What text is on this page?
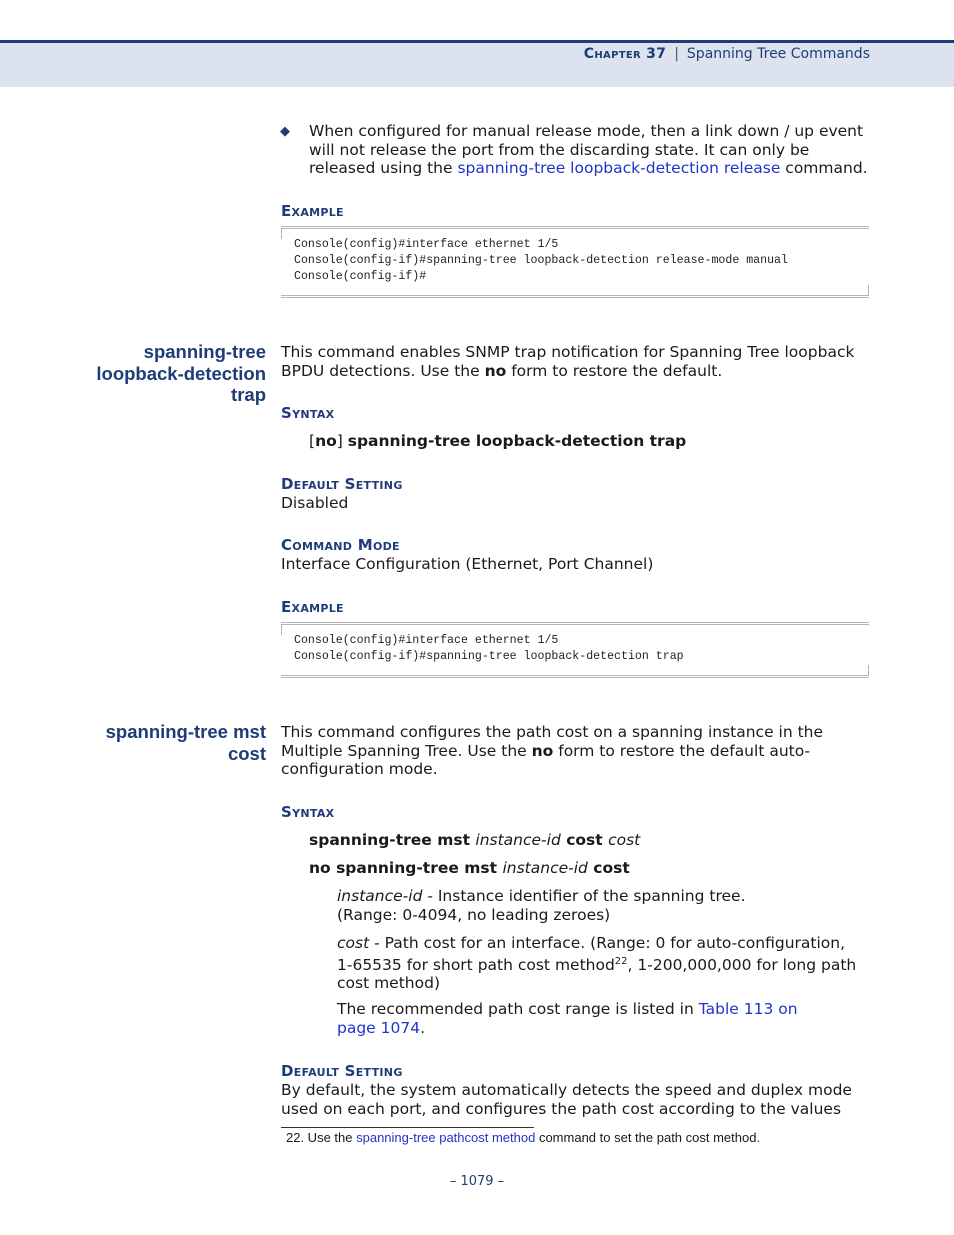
Chapter 37 | Spanning Tree Commands
◆ When configured for manual release mode, then a link down / up event
will not release the port from the discarding state. It can only be
released using the spanning-tree loopback-detection release command.
Example
Console(config)#interface ethernet 1/5
Console(config-if)#spanning-tree loopback-detection release-mode manual
Console(config-if)#
spanning-tree
loopback-detection
trap
This command enables SNMP trap notification for Spanning Tree loopback
BPDU detections. Use the no form to restore the default.
Syntax
[no] spanning-tree loopback-detection trap
Default Setting
Disabled
Command Mode
Interface Configuration (Ethernet, Port Channel)
Example
Console(config)#interface ethernet 1/5
Console(config-if)#spanning-tree loopback-detection trap
spanning-tree mst
cost
This command configures the path cost on a spanning instance in the
Multiple Spanning Tree. Use the no form to restore the default auto-
configuration mode.
Syntax
spanning-tree mst instance-id cost cost
no spanning-tree mst instance-id cost
instance-id - Instance identifier of the spanning tree.
(Range: 0-4094, no leading zeroes)
cost - Path cost for an interface. (Range: 0 for auto-configuration,
1-65535 for short path cost method$^{22}$, 1-200,000,000 for long path
cost method)
The recommended path cost range is listed in Table 113 on
page 1074.
Default Setting
By default, the system automatically detects the speed and duplex mode
used on each port, and configures the path cost according to the values
22. Use the spanning-tree pathcost method command to set the path cost method.
– 1079 –
